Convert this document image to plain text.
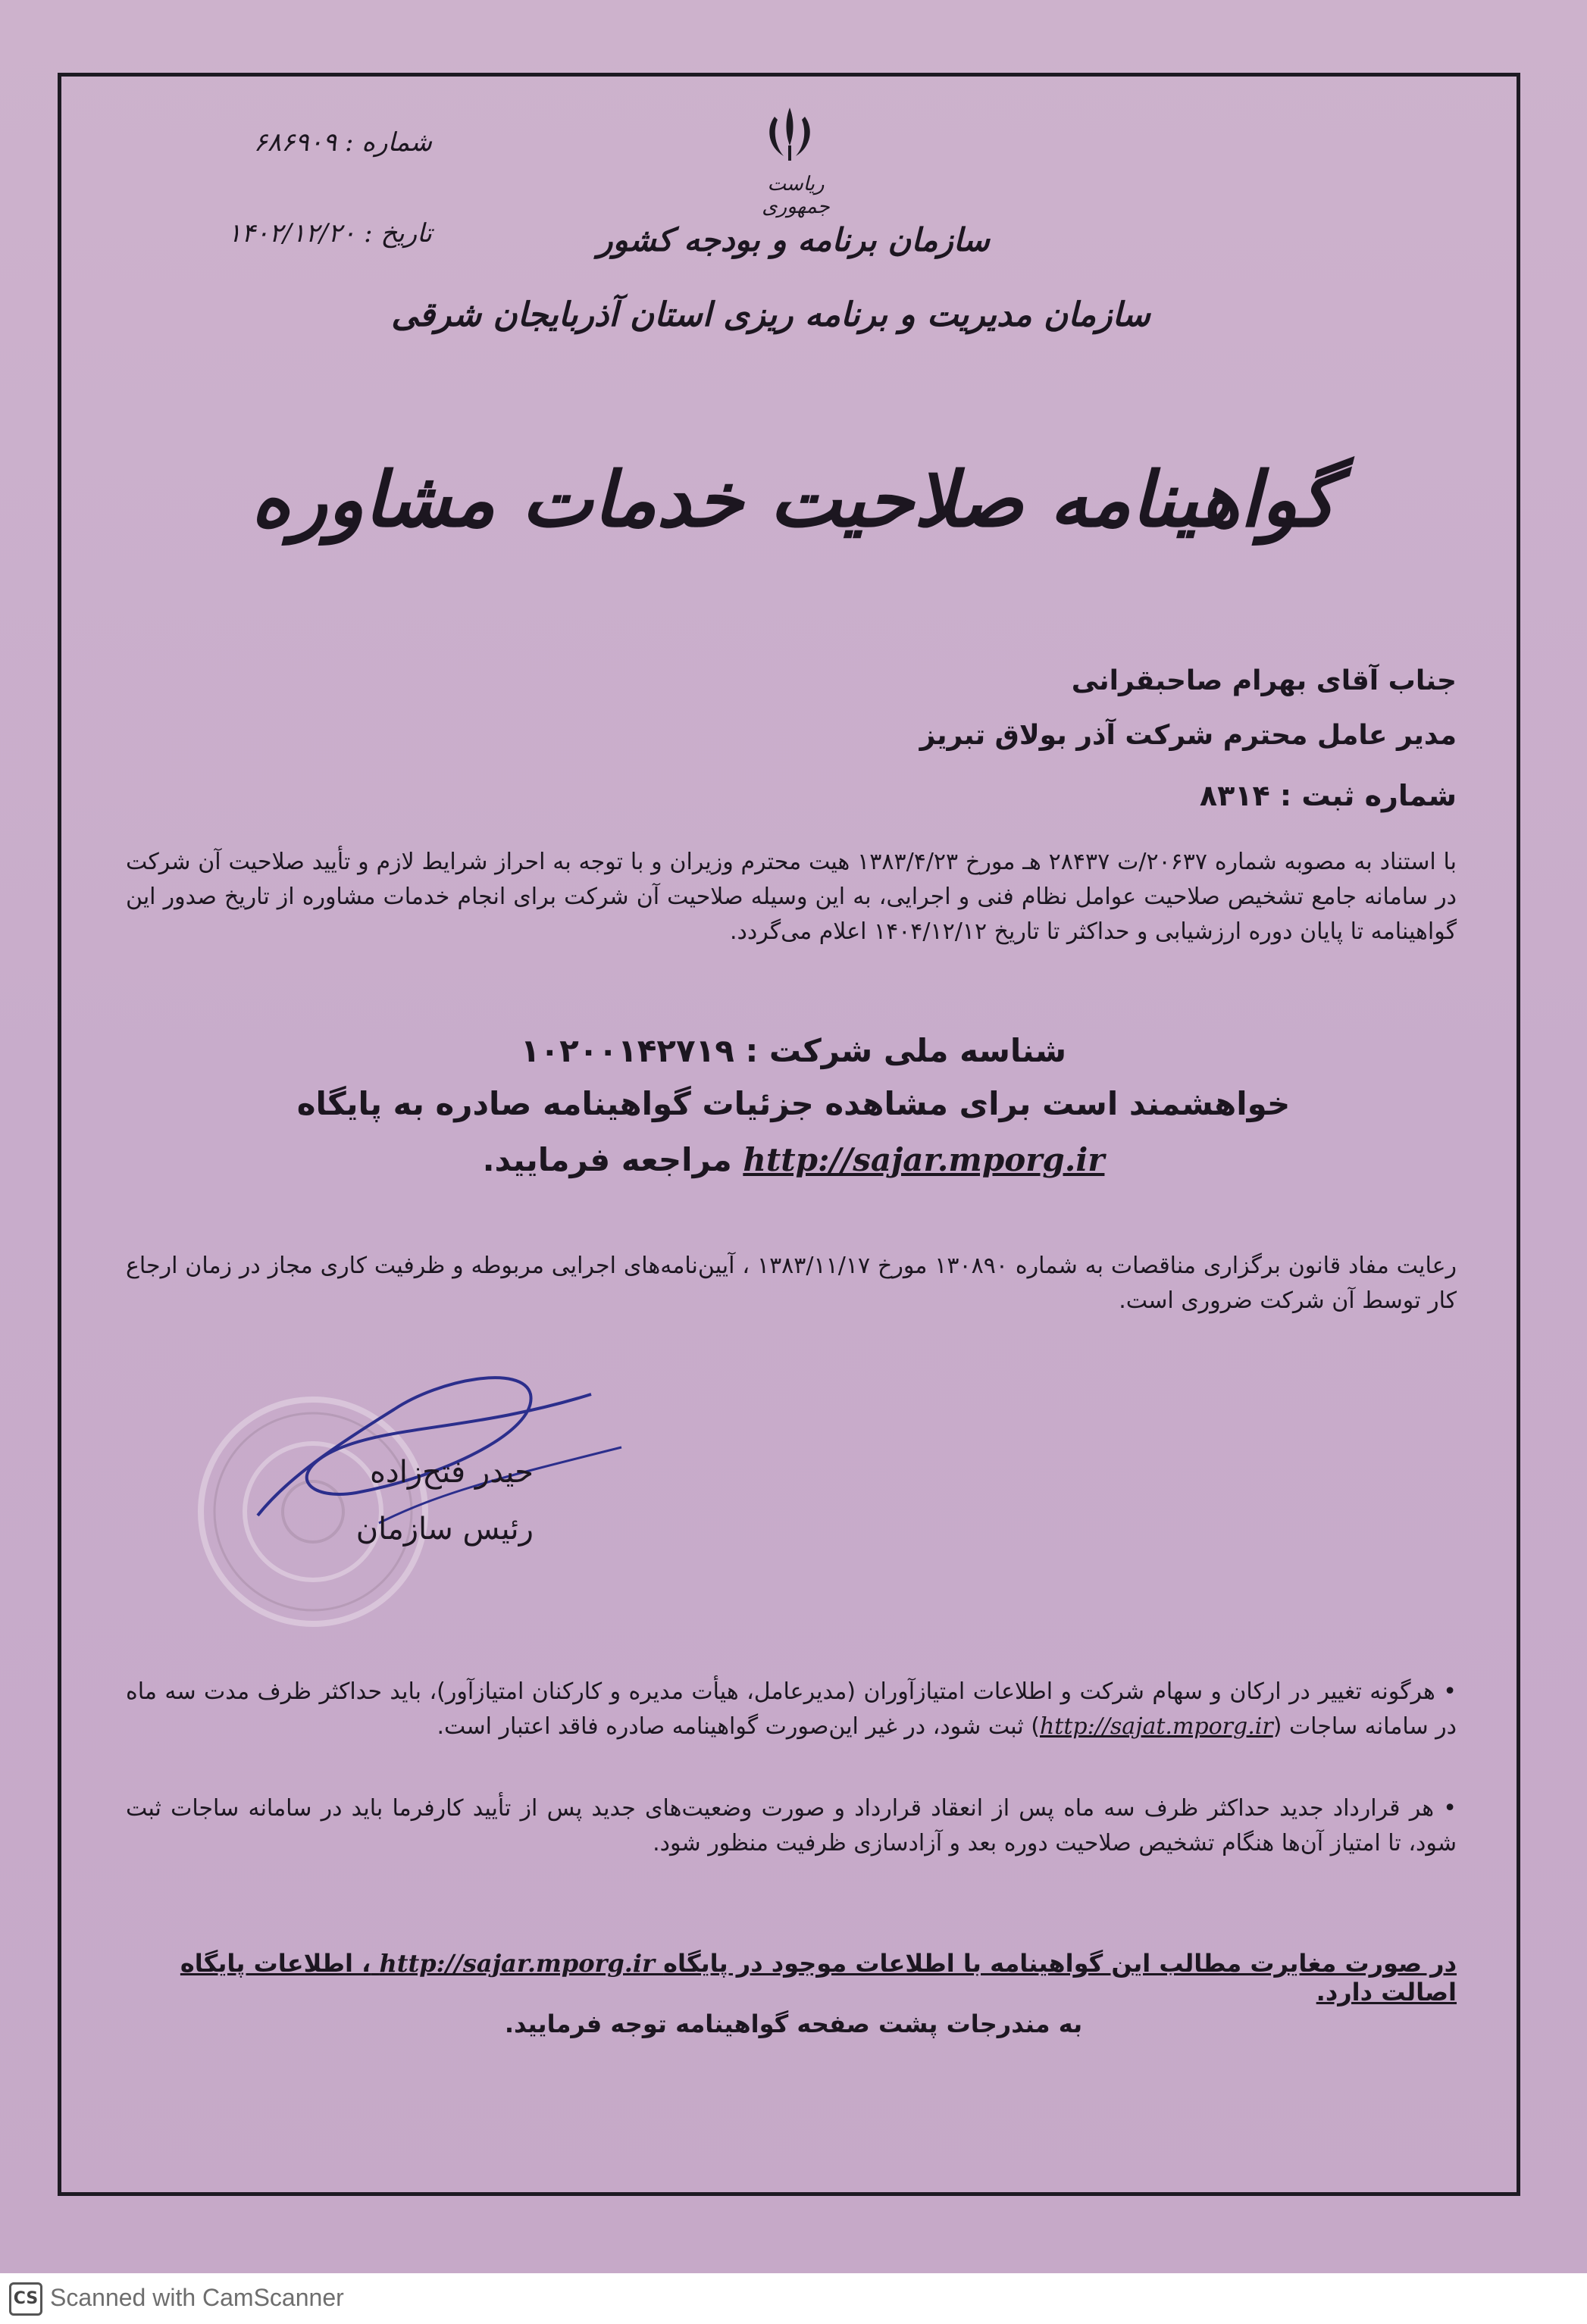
شماره : ۶۸۶۹۰۹
تاریخ : ۱۴۰۲/۱۲/۲۰
ریاست جمهوری
سازمان برنامه و بودجه کشور
سازمان مدیریت و برنامه ریزی استان آذربایجان شرقی
گواهینامه صلاحیت خدمات مشاوره
جناب آقای بهرام صاحبقرانی
مدیر عامل محترم شرکت آذر بولاق تبریز
شماره ثبت : ۸۳۱۴
با استناد به مصوبه شماره ۲۰۶۳۷/ت ۲۸۴۳۷ هـ مورخ ۱۳۸۳/۴/۲۳ هیت محترم وزیران و با توجه به احراز شرایط لازم و تأیید صلاحیت آن شرکت در سامانه جامع تشخیص صلاحیت عوامل نظام فنی و اجرایی، به این وسیله صلاحیت آن شرکت برای انجام خدمات مشاوره از تاریخ صدور این گواهینامه تا پایان دوره ارزشیابی و حداکثر تا تاریخ ۱۴۰۴/۱۲/۱۲ اعلام می‌گردد.
شناسه ملی شرکت : ۱۰۲۰۰۱۴۲۷۱۹
خواهشمند است برای مشاهده جزئیات گواهینامه صادره به پایگاه
http://sajar.mporg.ir مراجعه فرمایید.
رعایت مفاد قانون برگزاری مناقصات به شماره ۱۳۰۸۹۰ مورخ ۱۳۸۳/۱۱/۱۷ ، آیین‌نامه‌های اجرایی مربوطه و ظرفیت کاری مجاز در زمان ارجاع کار توسط آن شرکت ضروری است.
حیدر فتح‌زاده
رئیس سازمان
• هرگونه تغییر در ارکان و سهام شرکت و اطلاعات امتیازآوران (مدیرعامل، هیأت مدیره و کارکنان امتیازآور)، باید حداکثر ظرف مدت سه ماه در سامانه ساجات (http://sajat.mporg.ir) ثبت شود، در غیر این‌صورت گواهینامه صادره فاقد اعتبار است.
• هر قرارداد جدید حداکثر ظرف سه ماه پس از انعقاد قرارداد و صورت وضعیت‌های جدید پس از تأیید کارفرما باید در سامانه ساجات ثبت شود، تا امتیاز آن‌ها هنگام تشخیص صلاحیت دوره بعد و آزادسازی ظرفیت منظور شود.
در صورت مغایرت مطالب این گواهینامه با اطلاعات موجود در پایگاه http://sajar.mporg.ir ، اطلاعات پایگاه اصالت دارد.
به مندرجات پشت صفحه گواهینامه توجه فرمایید.
CS Scanned with CamScanner
